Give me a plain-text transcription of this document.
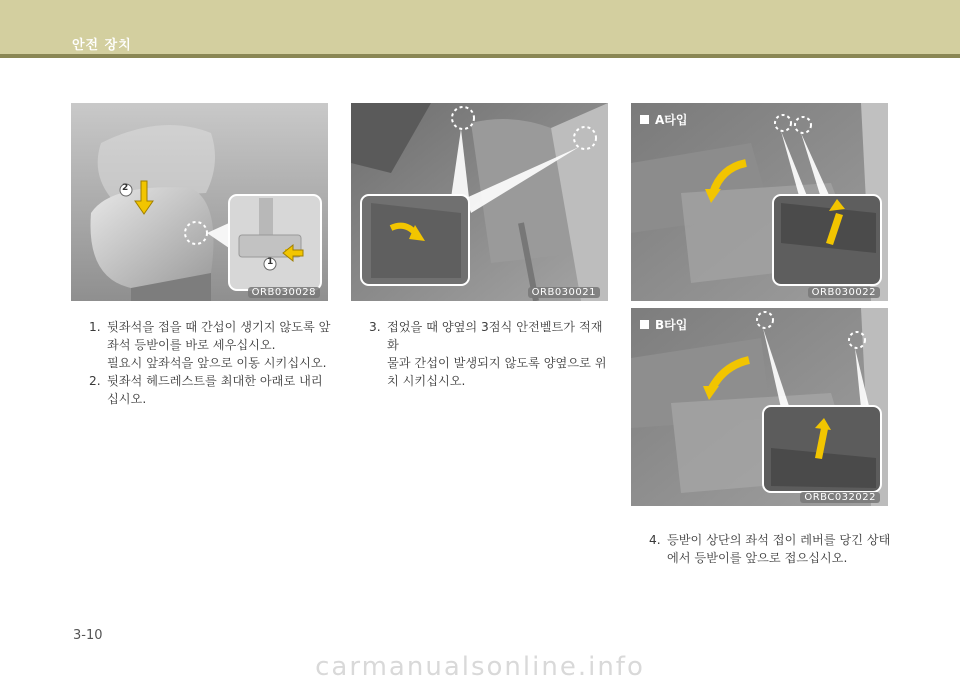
안전 장치
2
1
ORB030028	ORB030021
A타입
ORB030022
B타입
ORBC032022
1. 뒷좌석을 접을 때 간섭이 생기지 않도록 앞
좌석 등받이를 바로 세우십시오.
필요시 앞좌석을 앞으로 이동 시키십시오.
2. 뒷좌석 헤드레스트를 최대한 아래로 내리
십시오.
3. 접었을 때 양옆의 3점식 안전벨트가 적재화
물과 간섭이 발생되지 않도록 양옆으로 위
치 시키십시오.
4. 등받이 상단의 좌석 접이 레버를 당긴 상태
에서 등받이를 앞으로 접으십시오.
3-10
carmanualsonline.info
